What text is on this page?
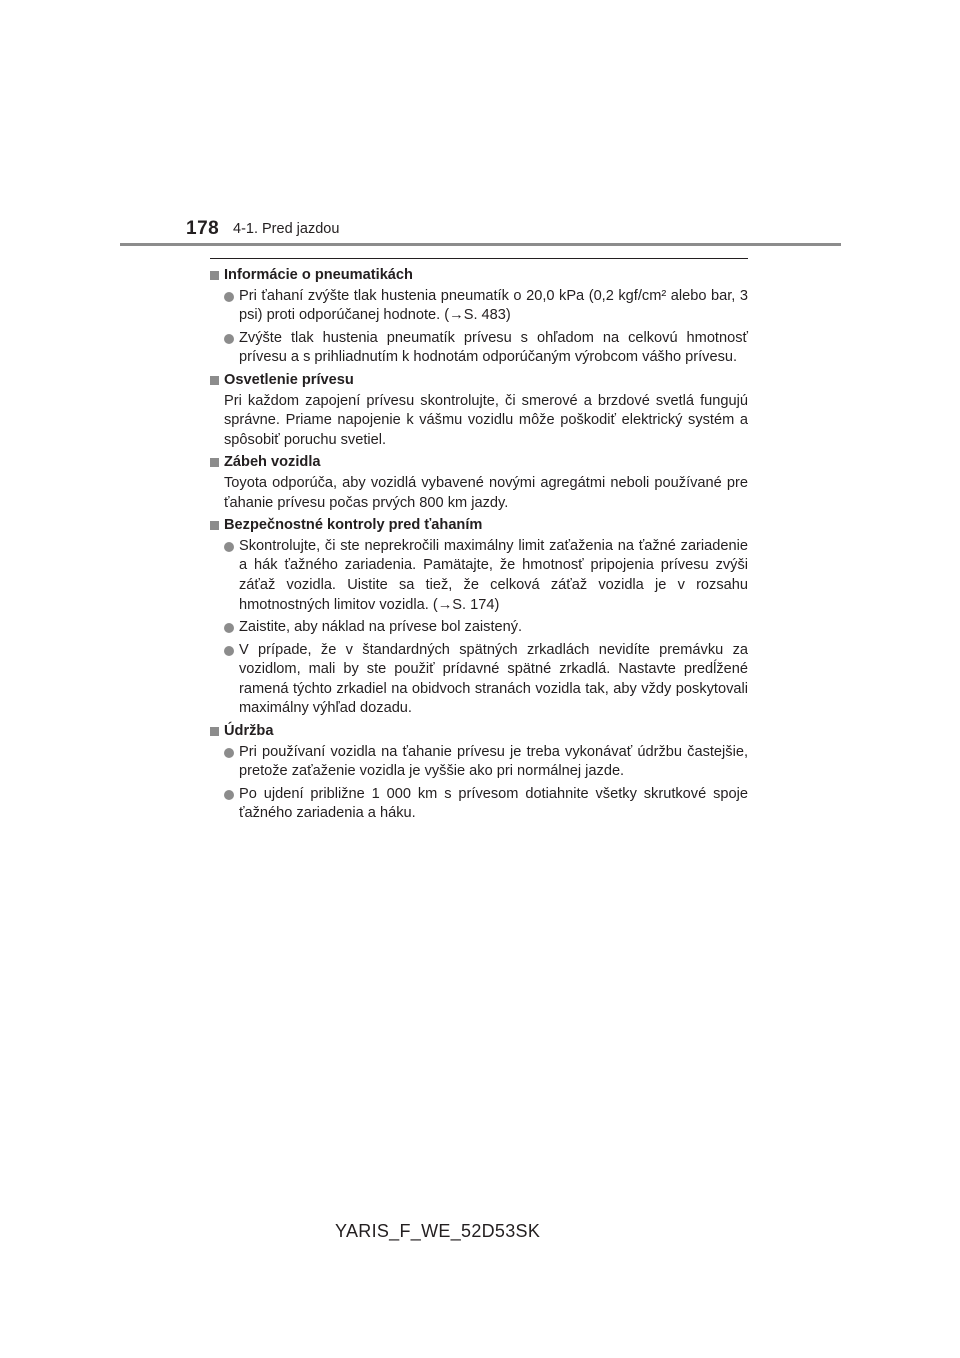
178 4-1. Pred jazdou
Informácie o pneumatikách
Pri ťahaní zvýšte tlak hustenia pneumatík o 20,0 kPa (0,2 kgf/cm² alebo bar, 3 psi) proti odporúčanej hodnote. (→S. 483)
Zvýšte tlak hustenia pneumatík prívesu s ohľadom na celkovú hmotnosť prívesu a s prihliadnutím k hodnotám odporúčaným výrobcom vášho prívesu.
Osvetlenie prívesu
Pri každom zapojení prívesu skontrolujte, či smerové a brzdové svetlá fungujú správne. Priame napojenie k vášmu vozidlu môže poškodiť elektrický systém a spôsobiť poruchu svetiel.
Zábeh vozidla
Toyota odporúča, aby vozidlá vybavené novými agregátmi neboli používané pre ťahanie prívesu počas prvých 800 km jazdy.
Bezpečnostné kontroly pred ťahaním
Skontrolujte, či ste neprekročili maximálny limit zaťaženia na ťažné zariadenie a hák ťažného zariadenia. Pamätajte, že hmotnosť pripojenia prívesu zvýši záťaž vozidla. Uistite sa tiež, že celková záťaž vozidla je v rozsahu hmotnostných limitov vozidla. (→S. 174)
Zaistite, aby náklad na prívese bol zaistený.
V prípade, že v štandardných spätných zrkadlách nevidíte premávku za vozidlom, mali by ste použiť prídavné spätné zrkadlá. Nastavte predĺžené ramená týchto zrkadiel na obidvoch stranách vozidla tak, aby vždy poskytovali maximálny výhľad dozadu.
Údržba
Pri používaní vozidla na ťahanie prívesu je treba vykonávať údržbu častejšie, pretože zaťaženie vozidla je vyššie ako pri normálnej jazde.
Po ujdení približne 1 000 km s prívesom dotiahnite všetky skrutkové spoje ťažného zariadenia a háku.
YARIS_F_WE_52D53SK
